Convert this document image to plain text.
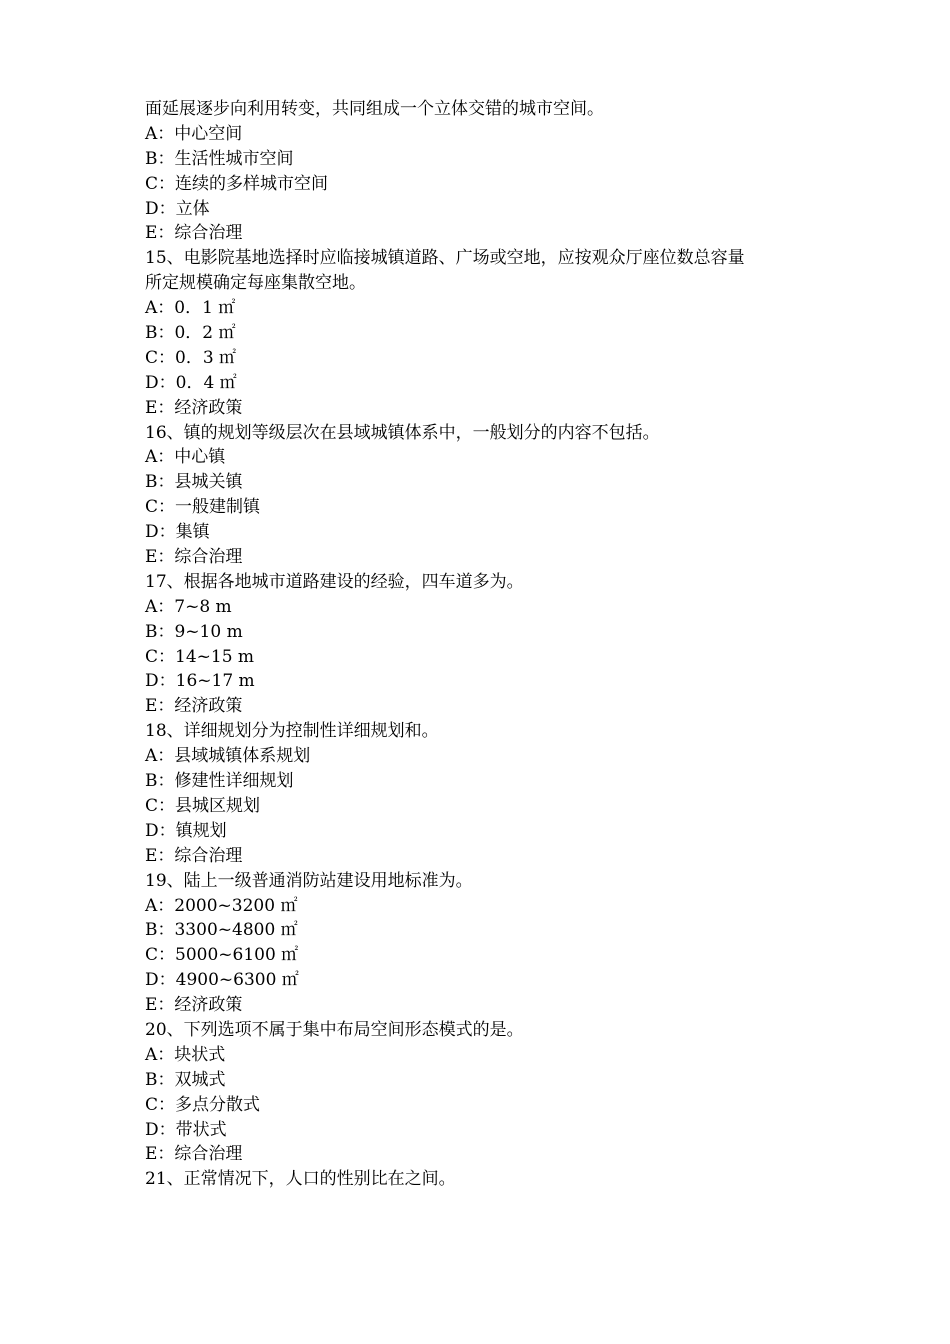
面延展逐步向利用转变，共同组成一个立体交错的城市空间。
A：中心空间
B：生活性城市空间
C：连续的多样城市空间
D：立体
E：综合治理
15、电影院基地选择时应临接城镇道路、广场或空地，应按观众厅座位数总容量
所定规模确定每座集散空地。
A：0．1 ㎡
B：0．2 ㎡
C：0．3 ㎡
D：0．4 ㎡
E：经济政策
16、镇的规划等级层次在县域城镇体系中，一般划分的内容不包括。
A：中心镇
B：县城关镇
C：一般建制镇
D：集镇
E：综合治理
17、根据各地城市道路建设的经验，四车道多为。
A：7~8 m
B：9~10 m
C：14~15 m
D：16~17 m
E：经济政策
18、详细规划分为控制性详细规划和。
A：县域城镇体系规划
B：修建性详细规划
C：县城区规划
D：镇规划
E：综合治理
19、陆上一级普通消防站建设用地标准为。
A：2000~3200 ㎡
B：3300~4800 ㎡
C：5000~6100 ㎡
D：4900~6300 ㎡
E：经济政策
20、下列选项不属于集中布局空间形态模式的是。
A：块状式
B：双城式
C：多点分散式
D：带状式
E：综合治理
21、正常情况下，人口的性别比在之间。
